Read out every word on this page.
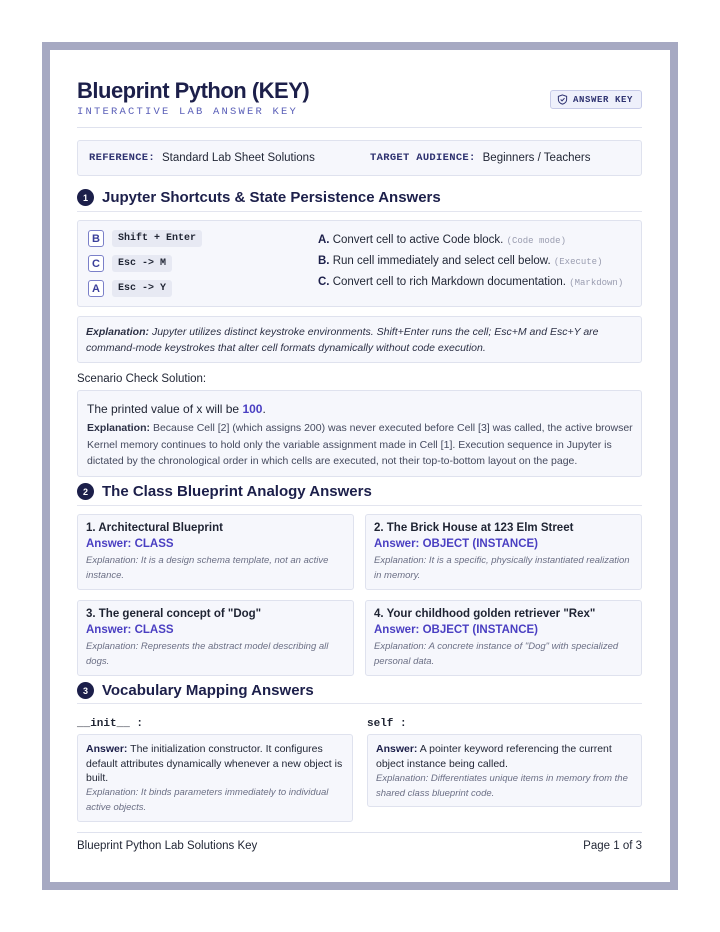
Blueprint Python (KEY)
INTERACTIVE LAB ANSWER KEY
ANSWER KEY
REFERENCE: Standard Lab Sheet Solutions	TARGET AUDIENCE: Beginners / Teachers
1 Jupyter Shortcuts & State Persistence Answers
B	Shift + Enter
C	Esc -> M
A	Esc -> Y
A. Convert cell to active Code block. (Code mode)
B. Run cell immediately and select cell below. (Execute)
C. Convert cell to rich Markdown documentation. (Markdown)
Explanation: Jupyter utilizes distinct keystroke environments. Shift+Enter runs the cell; Esc+M and Esc+Y are
command-mode keystrokes that alter cell formats dynamically without code execution.
Scenario Check Solution:
The printed value of x will be 100.
Explanation: Because Cell [2] (which assigns 200) was never executed before Cell [3] was called, the active browser
Kernel memory continues to hold only the variable assignment made in Cell [1]. Execution sequence in Jupyter is
dictated by the chronological order in which cells are executed, not their top-to-bottom layout on the page.
2 The Class Blueprint Analogy Answers
1. Architectural Blueprint
Answer: CLASS
Explanation: It is a design schema template, not an active
instance.
2. The Brick House at 123 Elm Street
Answer: OBJECT (INSTANCE)
Explanation: It is a specific, physically instantiated realization
in memory.
3. The general concept of "Dog"
Answer: CLASS
Explanation: Represents the abstract model describing all
dogs.
4. Your childhood golden retriever "Rex"
Answer: OBJECT (INSTANCE)
Explanation: A concrete instance of "Dog" with specialized
personal data.
3 Vocabulary Mapping Answers
__init__ :
Answer: The initialization constructor. It configures
default attributes dynamically whenever a new object is
built.
Explanation: It binds parameters immediately to individual
active objects.
self :
Answer: A pointer keyword referencing the current
object instance being called.
Explanation: Differentiates unique items in memory from the
shared class blueprint code.
Blueprint Python Lab Solutions Key	Page 1 of 3
